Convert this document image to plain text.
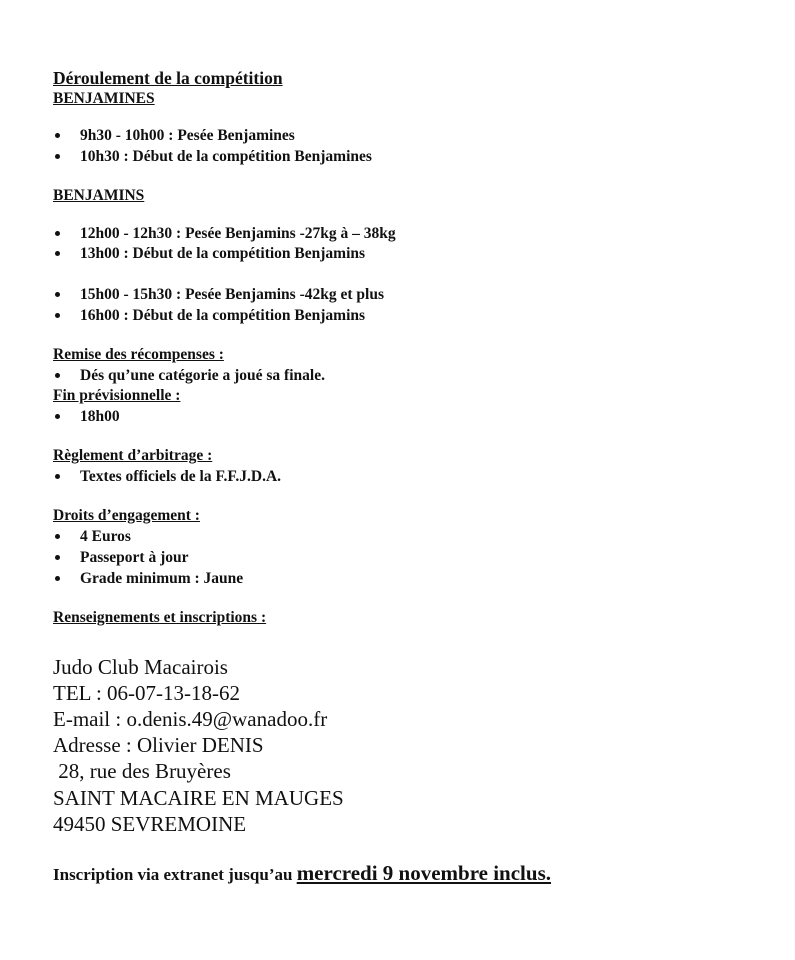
Déroulement de la compétition
BENJAMINES
9h30 - 10h00 : Pesée Benjamines
10h30 : Début de la compétition Benjamines
BENJAMINS
12h00 - 12h30 : Pesée Benjamins -27kg à – 38kg
13h00 : Début de la compétition Benjamins
15h00 - 15h30 : Pesée Benjamins -42kg et plus
16h00 : Début de la compétition Benjamins
Remise des récompenses :
Dés qu’une catégorie a joué sa finale.
Fin prévisionnelle :
18h00
Règlement d’arbitrage :
Textes officiels de la F.F.J.D.A.
Droits d’engagement :
4 Euros
Passeport à jour
Grade minimum : Jaune
Renseignements et inscriptions :
Judo Club Macairois
TEL : 06-07-13-18-62
E-mail : o.denis.49@wanadoo.fr
Adresse : Olivier DENIS
28, rue des Bruyères
SAINT MACAIRE EN MAUGES
49450 SEVREMOINE
Inscription via extranet jusqu’au mercredi 9 novembre inclus.
